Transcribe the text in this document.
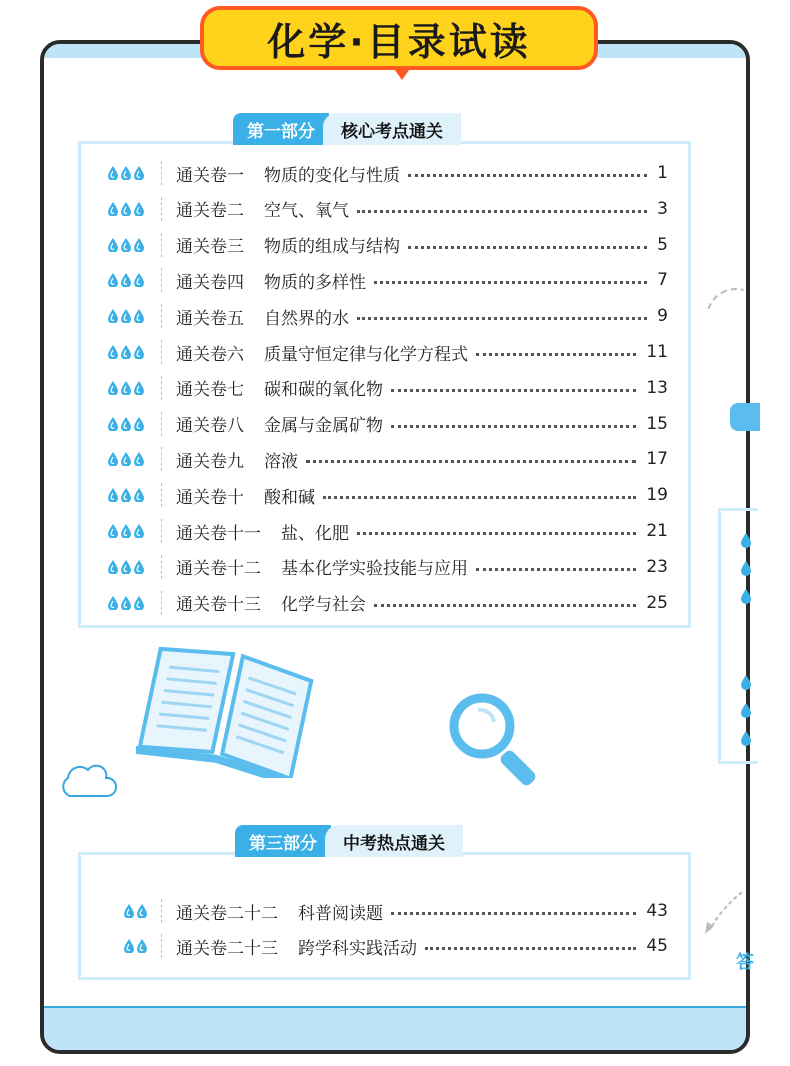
化学·目录试读
答
第一部分	核心考点通关
通关卷一 物质的变化与性质	1
通关卷二 空气、氧气	3
通关卷三 物质的组成与结构	5
通关卷四 物质的多样性	7
通关卷五 自然界的水	9
通关卷六 质量守恒定律与化学方程式	11
通关卷七 碳和碳的氧化物	13
通关卷八 金属与金属矿物	15
通关卷九 溶液	17
通关卷十 酸和碱	19
通关卷十一 盐、化肥	21
通关卷十二 基本化学实验技能与应用	23
通关卷十三 化学与社会	25
第三部分	中考热点通关
通关卷二十二 科普阅读题	43
通关卷二十三 跨学科实践活动	45
